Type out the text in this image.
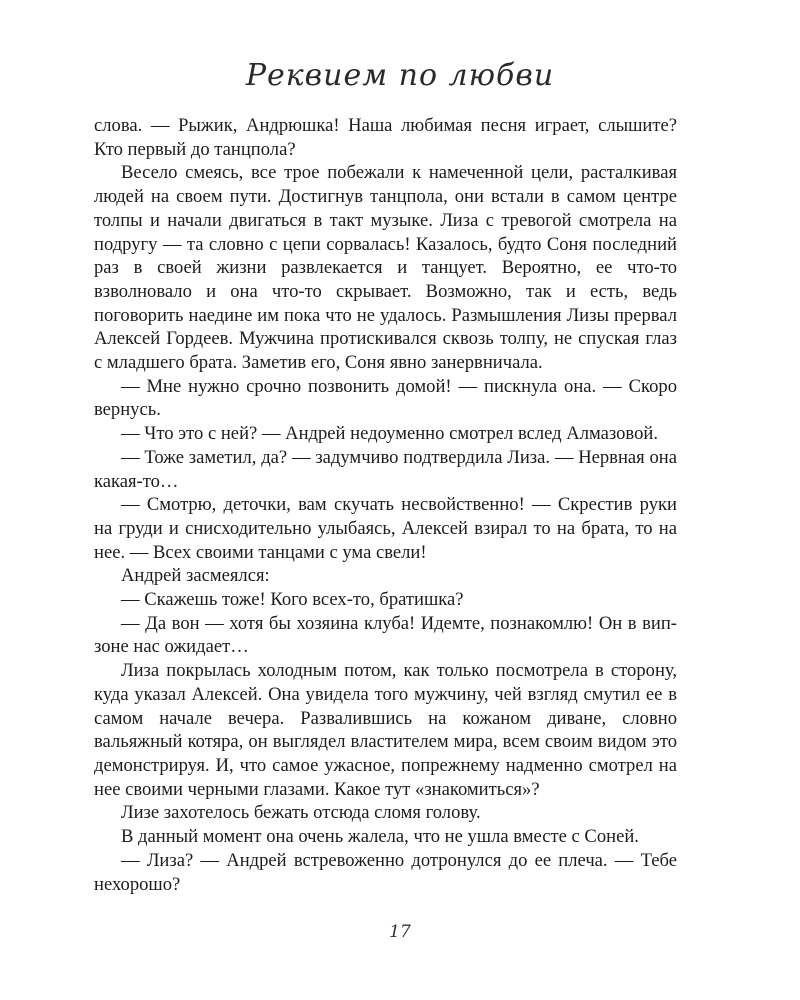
Реквием по любви

слова. — Рыжик, Андрюшка! Наша любимая песня играет, слышите? Кто первый до танцпола?

Весело смеясь, все трое побежали к намеченной цели, расталкивая людей на своем пути. Достигнув танцпола, они встали в самом центре толпы и начали двигаться в такт музыке. Лиза с тревогой смотрела на подругу — та словно с цепи сорвалась! Казалось, будто Соня последний раз в своей жизни развлекается и танцует. Вероятно, ее что-то взволновало и она что-то скрывает. Возможно, так и есть, ведь поговорить наедине им пока что не удалось. Размышления Лизы прервал Алексей Гордеев. Мужчина протискивался сквозь толпу, не спуская глаз с младшего брата. Заметив его, Соня явно занервничала.

— Мне нужно срочно позвонить домой! — пискнула она. — Скоро вернусь.

— Что это с ней? — Андрей недоуменно смотрел вслед Алмазовой.

— Тоже заметил, да? — задумчиво подтвердила Лиза. — Нервная она какая-то…

— Смотрю, деточки, вам скучать несвойственно! — Скрестив руки на груди и снисходительно улыбаясь, Алексей взирал то на брата, то на нее. — Всех своими танцами с ума свели!

Андрей засмеялся:

— Скажешь тоже! Кого всех-то, братишка?

— Да вон — хотя бы хозяина клуба! Идемте, познакомлю! Он в вип-зоне нас ожидает…

Лиза покрылась холодным потом, как только посмотрела в сторону, куда указал Алексей. Она увидела того мужчину, чей взгляд смутил ее в самом начале вечера. Развалившись на кожаном диване, словно вальяжный котяра, он выглядел властителем мира, всем своим видом это демонстрируя. И, что самое ужасное, попрежнему надменно смотрел на нее своими черными глазами. Какое тут «знакомиться»?

Лизе захотелось бежать отсюда сломя голову.

В данный момент она очень жалела, что не ушла вместе с Соней.

— Лиза? — Андрей встревоженно дотронулся до ее плеча. — Тебе нехорошо?

17
